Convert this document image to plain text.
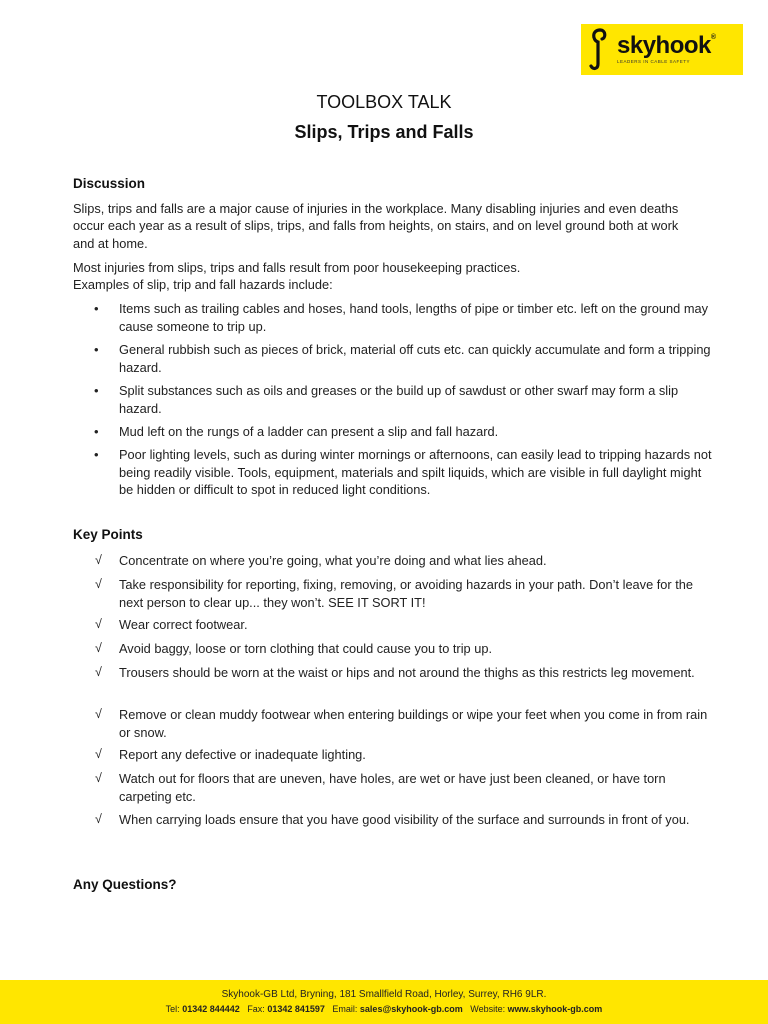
skyhook®
LEADERS IN CABLE SAFETY
TOOLBOX TALK
Slips, Trips and Falls
Discussion
Slips, trips and falls are a major cause of injuries in the workplace. Many disabling injuries and even deaths occur each year as a result of slips, trips, and falls from heights, on stairs, and on level ground both at work and at home.
Most injuries from slips, trips and falls result from poor housekeeping practices.
Examples of slip, trip and fall hazards include:
• Items such as trailing cables and hoses, hand tools, lengths of pipe or timber etc. left on the ground may cause someone to trip up.
• General rubbish such as pieces of brick, material off cuts etc. can quickly accumulate and form a tripping hazard.
• Split substances such as oils and greases or the build up of sawdust or other swarf may form a slip hazard.
• Mud left on the rungs of a ladder can present a slip and fall hazard.
• Poor lighting levels, such as during winter mornings or afternoons, can easily lead to tripping hazards not being readily visible. Tools, equipment, materials and spilt liquids, which are visible in full daylight might be hidden or difficult to spot in reduced light conditions.
Key Points
√ Concentrate on where you’re going, what you’re doing and what lies ahead.
√ Take responsibility for reporting, fixing, removing, or avoiding hazards in your path. Don’t leave for the next person to clear up... they won’t. SEE IT SORT IT!
√ Wear correct footwear.
√ Avoid baggy, loose or torn clothing that could cause you to trip up.
√ Trousers should be worn at the waist or hips and not around the thighs as this restricts leg movement.
√ Remove or clean muddy footwear when entering buildings or wipe your feet when you come in from rain or snow.
√ Report any defective or inadequate lighting.
√ Watch out for floors that are uneven, have holes, are wet or have just been cleaned, or have torn carpeting etc.
√ When carrying loads ensure that you have good visibility of the surface and surrounds in front of you.
Any Questions?
Skyhook-GB Ltd, Bryning, 181 Smallfield Road, Horley, Surrey, RH6 9LR.
Tel: 01342 844442 Fax: 01342 841597 Email: sales@skyhook-gb.com Website: www.skyhook-gb.com
